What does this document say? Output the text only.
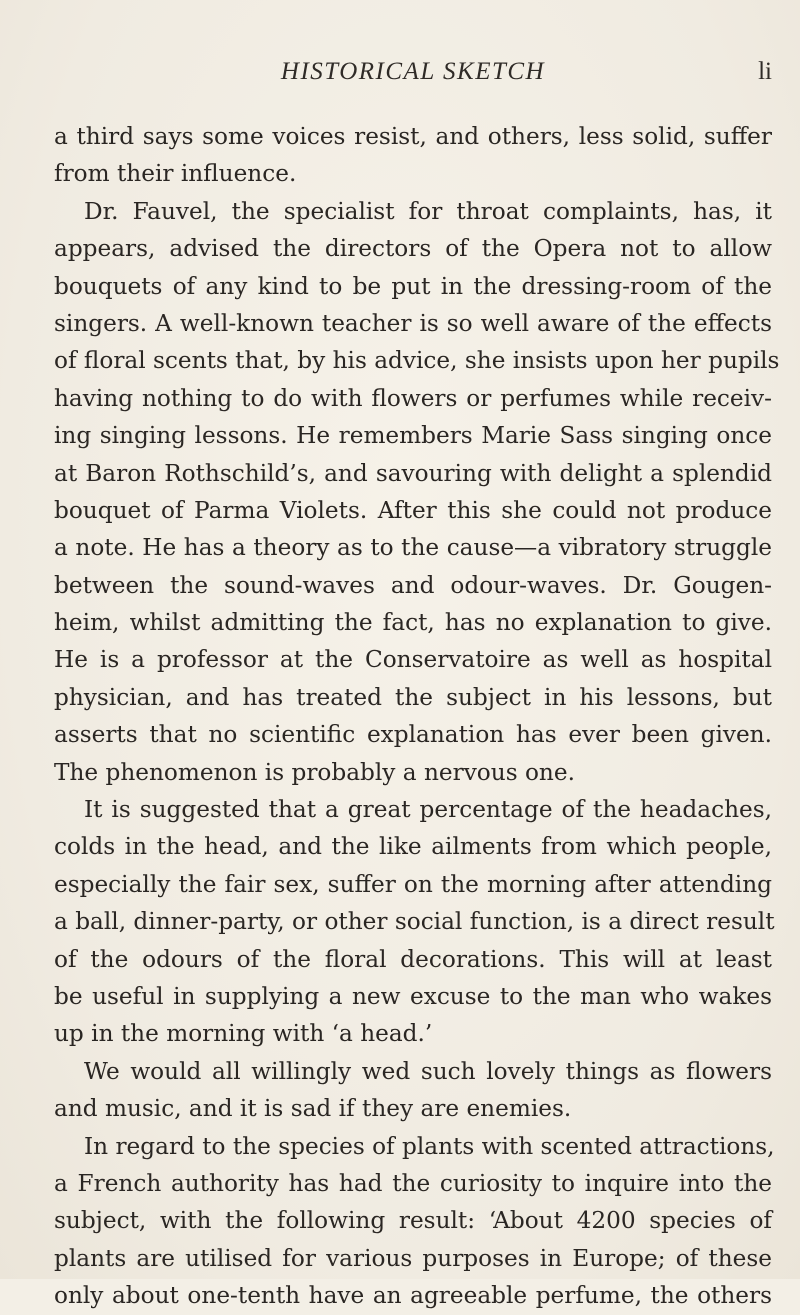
HISTORICAL SKETCH	li
a third says some voices resist, and others, less solid, suffer
from their influence.
Dr. Fauvel, the specialist for throat complaints, has, it
appears, advised the directors of the Opera not to allow
bouquets of any kind to be put in the dressing-room of the
singers. A well-known teacher is so well aware of the effects
of floral scents that, by his advice, she insists upon her pupils
having nothing to do with flowers or perfumes while receiv-
ing singing lessons. He remembers Marie Sass singing once
at Baron Rothschild’s, and savouring with delight a splendid
bouquet of Parma Violets. After this she could not produce
a note. He has a theory as to the cause—a vibratory struggle
between the sound-waves and odour-waves. Dr. Gougen-
heim, whilst admitting the fact, has no explanation to give.
He is a professor at the Conservatoire as well as hospital
physician, and has treated the subject in his lessons, but
asserts that no scientific explanation has ever been given.
The phenomenon is probably a nervous one.
It is suggested that a great percentage of the headaches,
colds in the head, and the like ailments from which people,
especially the fair sex, suffer on the morning after attending
a ball, dinner-party, or other social function, is a direct result
of the odours of the floral decorations. This will at least
be useful in supplying a new excuse to the man who wakes
up in the morning with ‘a head.’
We would all willingly wed such lovely things as flowers
and music, and it is sad if they are enemies.
In regard to the species of plants with scented attractions,
a French authority has had the curiosity to inquire into the
subject, with the following result: ‘About 4200 species of
plants are utilised for various purposes in Europe; of these
only about one-tenth have an agreeable perfume, the others
